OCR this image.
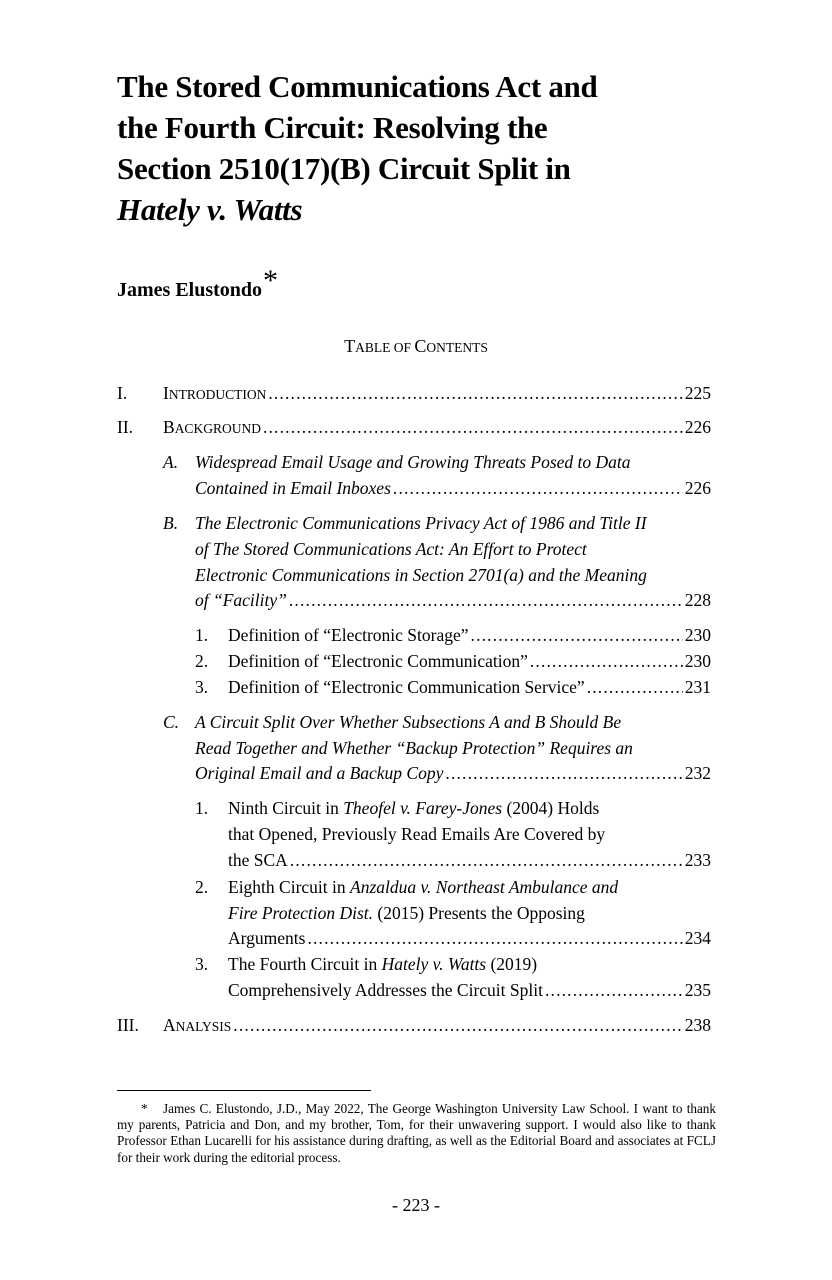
The Stored Communications Act and
the Fourth Circuit: Resolving the
Section 2510(17)(B) Circuit Split in
Hately v. Watts
James Elustondo*
TABLE OF CONTENTS
I. INTRODUCTION . . .	225
II. BACKGROUND . . .	226
A. Widespread Email Usage and Growing Threats Posed to Data
Contained in Email Inboxes . . .	226
B. The Electronic Communications Privacy Act of 1986 and Title II
of The Stored Communications Act: An Effort to Protect
Electronic Communications in Section 2701(a) and the Meaning
of “Facility” . . .	228
1. Definition of “Electronic Storage” . . .	230
2. Definition of “Electronic Communication” . . .	230
3. Definition of “Electronic Communication Service” . . .	231
C. A Circuit Split Over Whether Subsections A and B Should Be
Read Together and Whether “Backup Protection” Requires an
Original Email and a Backup Copy . . .	232
1. Ninth Circuit in Theofel v. Farey-Jones (2004) Holds
that Opened, Previously Read Emails Are Covered by
the SCA . . .	233
2. Eighth Circuit in Anzaldua v. Northeast Ambulance and
Fire Protection Dist. (2015) Presents the Opposing
Arguments . . .	234
3. The Fourth Circuit in Hately v. Watts (2019)
Comprehensively Addresses the Circuit Split . . .	235
III. ANALYSIS . . .	238
* James C. Elustondo, J.D., May 2022, The George Washington University Law School. I want to thank my parents, Patricia and Don, and my brother, Tom, for their unwavering support. I would also like to thank Professor Ethan Lucarelli for his assistance during drafting, as well as the Editorial Board and associates at FCLJ for their work during the editorial process.
- 223 -
